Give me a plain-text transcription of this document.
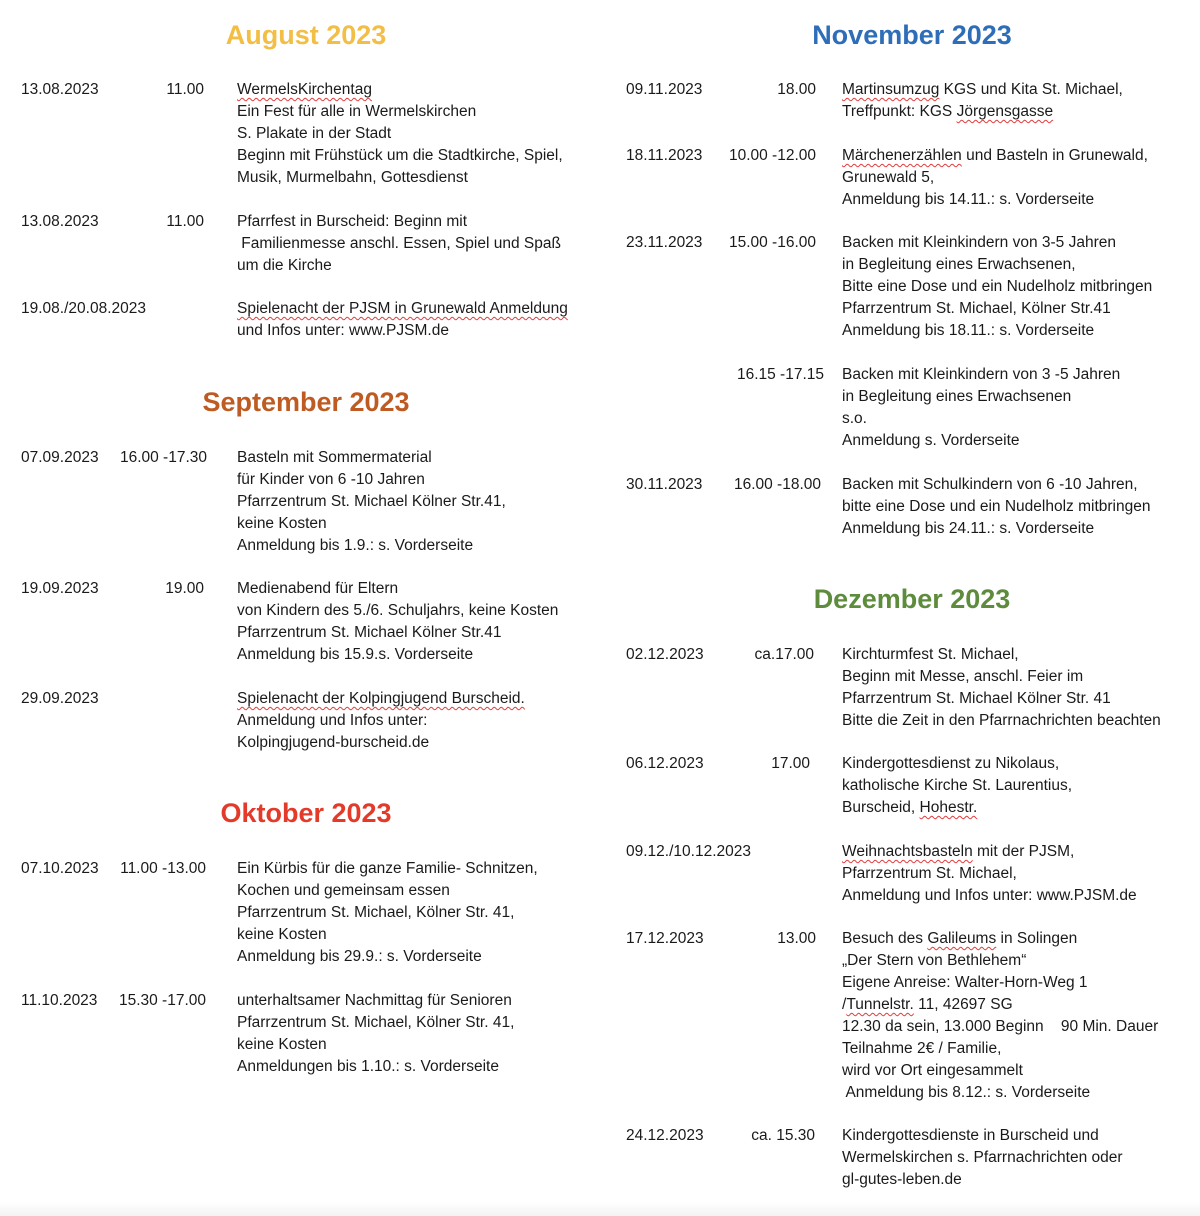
August 2023
13.08.2023	11.00 WermelsKirchentag
Ein Fest für alle in Wermelskirchen
S. Plakate in der Stadt
Beginn mit Frühstück um die Stadtkirche, Spiel,
Musik, Murmelbahn, Gottesdienst
13.08.2023	11.00 Pfarrfest in Burscheid: Beginn mit
Familienmesse anschl. Essen, Spiel und Spaß
um die Kirche
19.08./20.08.2023	Spielenacht der PJSM in Grunewald Anmeldung
und Infos unter: www.PJSM.de
September 2023
07.09.2023 16.00 -17.30 Basteln mit Sommermaterial
für Kinder von 6 -10 Jahren
Pfarrzentrum St. Michael Kölner Str.41,
keine Kosten
Anmeldung bis 1.9.: s. Vorderseite
19.09.2023	19.00 Medienabend für Eltern
von Kindern des 5./6. Schuljahrs, keine Kosten
Pfarrzentrum St. Michael Kölner Str.41
Anmeldung bis 15.9.s. Vorderseite
29.09.2023	Spielenacht der Kolpingjugend Burscheid.
Anmeldung und Infos unter:
Kolpingjugend-burscheid.de
Oktober 2023
07.10.2023 11.00 -13.00 Ein Kürbis für die ganze Familie- Schnitzen,
Kochen und gemeinsam essen
Pfarrzentrum St. Michael, Kölner Str. 41,
keine Kosten
Anmeldung bis 29.9.: s. Vorderseite
11.10.2023 15.30 -17.00 unterhaltsamer Nachmittag für Senioren
Pfarrzentrum St. Michael, Kölner Str. 41,
keine Kosten
Anmeldungen bis 1.10.: s. Vorderseite
November 2023
09.11.2023	18.00 Martinsumzug KGS und Kita St. Michael,
Treffpunkt: KGS Jörgensgasse
18.11.2023 10.00 -12.00 Märchenerzählen und Basteln in Grunewald,
Grunewald 5,
Anmeldung bis 14.11.: s. Vorderseite
23.11.2023 15.00 -16.00 Backen mit Kleinkindern von 3-5 Jahren
in Begleitung eines Erwachsenen,
Bitte eine Dose und ein Nudelholz mitbringen
Pfarrzentrum St. Michael, Kölner Str.41
Anmeldung bis 18.11.: s. Vorderseite
16.15 -17.15 Backen mit Kleinkindern von 3 -5 Jahren
in Begleitung eines Erwachsenen
s.o.
Anmeldung s. Vorderseite
30.11.2023 16.00 -18.00 Backen mit Schulkindern von 6 -10 Jahren,
bitte eine Dose und ein Nudelholz mitbringen
Anmeldung bis 24.11.: s. Vorderseite
Dezember 2023
02.12.2023	ca.17.00 Kirchturmfest St. Michael,
Beginn mit Messe, anschl. Feier im
Pfarrzentrum St. Michael Kölner Str. 41
Bitte die Zeit in den Pfarrnachrichten beachten
06.12.2023	17.00 Kindergottesdienst zu Nikolaus,
katholische Kirche St. Laurentius,
Burscheid, Hohestr.
09.12./10.12.2023	Weihnachtsbasteln mit der PJSM,
Pfarrzentrum St. Michael,
Anmeldung und Infos unter: www.PJSM.de
17.12.2023	13.00 Besuch des Galileums in Solingen
„Der Stern von Bethlehem“
Eigene Anreise: Walter-Horn-Weg 1
/Tunnelstr. 11, 42697 SG
12.30 da sein, 13.000 Beginn    90 Min. Dauer
Teilnahme 2€ / Familie,
wird vor Ort eingesammelt
Anmeldung bis 8.12.: s. Vorderseite
24.12.2023	ca. 15.30 Kindergottesdienste in Burscheid und
Wermelskirchen s. Pfarrnachrichten oder
gl-gutes-leben.de
